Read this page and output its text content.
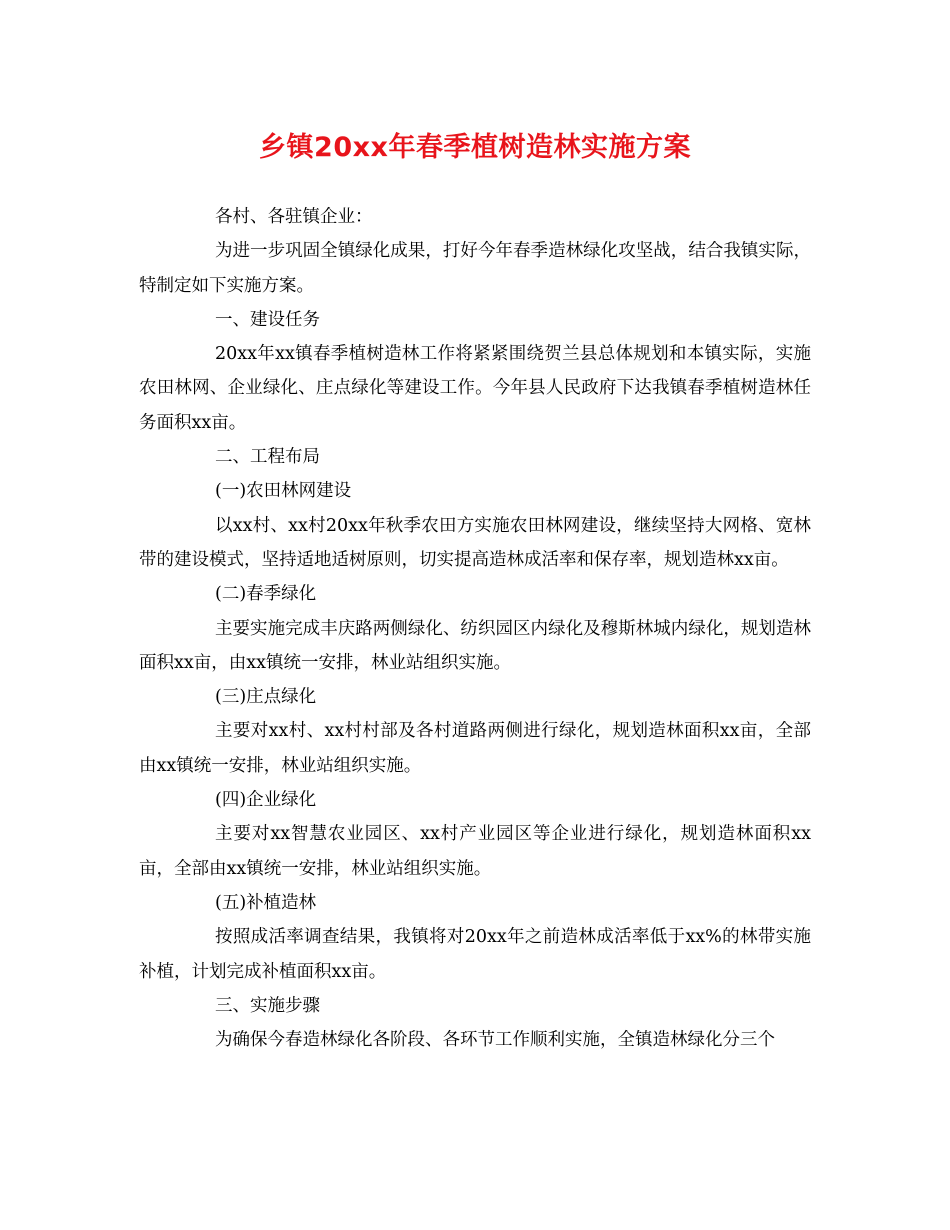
乡镇20xx年春季植树造林实施方案

各村、各驻镇企业：

为进一步巩固全镇绿化成果，打好今年春季造林绿化攻坚战，结合我镇实际，特制定如下实施方案。

一、建设任务

20xx年xx镇春季植树造林工作将紧紧围绕贺兰县总体规划和本镇实际，实施农田林网、企业绿化、庄点绿化等建设工作。今年县人民政府下达我镇春季植树造林任务面积xx亩。

二、工程布局

(一)农田林网建设

以xx村、xx村20xx年秋季农田方实施农田林网建设，继续坚持大网格、宽林带的建设模式，坚持适地适树原则，切实提高造林成活率和保存率，规划造林xx亩。

(二)春季绿化

主要实施完成丰庆路两侧绿化、纺织园区内绿化及穆斯林城内绿化，规划造林面积xx亩，由xx镇统一安排，林业站组织实施。

(三)庄点绿化

主要对xx村、xx村村部及各村道路两侧进行绿化，规划造林面积xx亩，全部由xx镇统一安排，林业站组织实施。

(四)企业绿化

主要对xx智慧农业园区、xx村产业园区等企业进行绿化，规划造林面积xx亩，全部由xx镇统一安排，林业站组织实施。

(五)补植造林

按照成活率调查结果，我镇将对20xx年之前造林成活率低于xx%的林带实施补植，计划完成补植面积xx亩。

三、实施步骤

为确保今春造林绿化各阶段、各环节工作顺利实施，全镇造林绿化分三个
